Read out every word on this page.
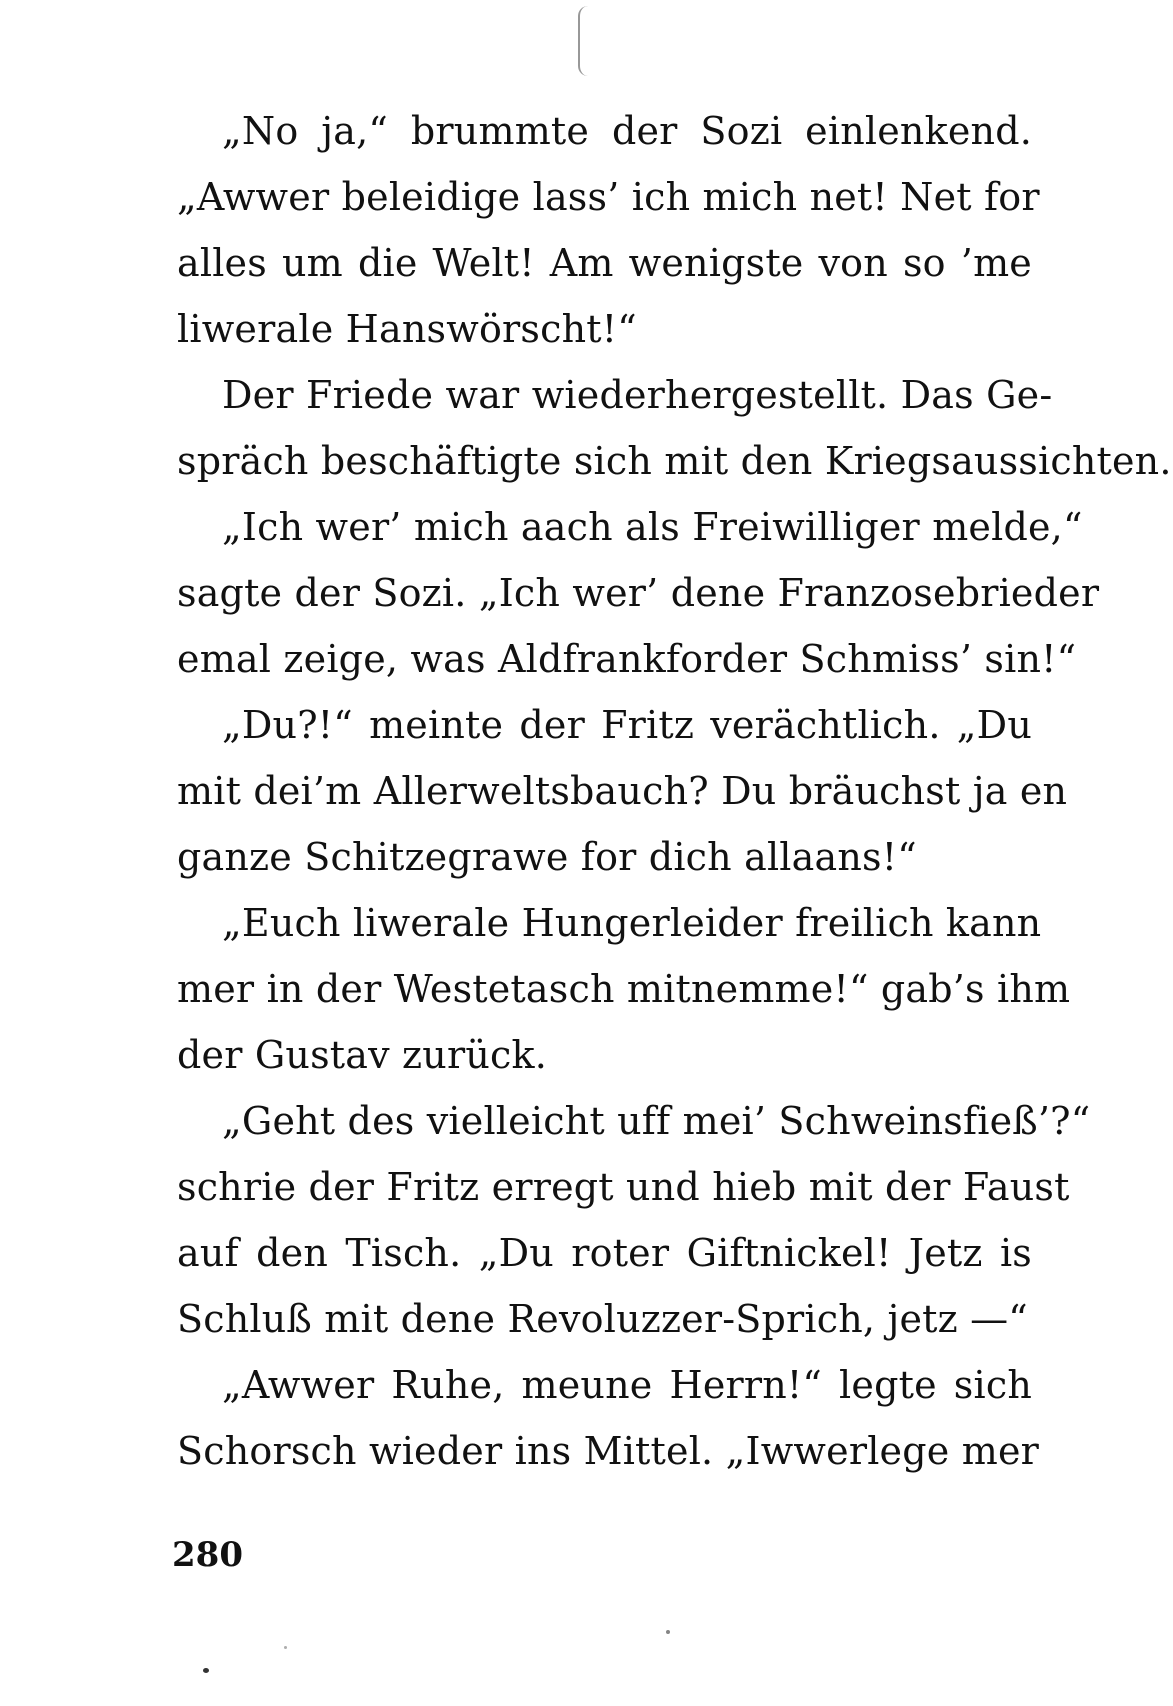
„No ja,“ brummte der Sozi einlenkend.
„Awwer beleidige lass’ ich mich net! Net for
alles um die Welt! Am wenigste von so ’me
liwerale Hanswörscht!“
Der Friede war wiederhergestellt. Das Ge-
spräch beschäftigte sich mit den Kriegsaussichten.
„Ich wer’ mich aach als Freiwilliger melde,“
sagte der Sozi. „Ich wer’ dene Franzosebrieder
emal zeige, was Aldfrankforder Schmiss’ sin!“
„Du?!“ meinte der Fritz verächtlich. „Du
mit dei’m Allerweltsbauch? Du bräuchst ja en
ganze Schitzegrawe for dich allaans!“
„Euch liwerale Hungerleider freilich kann
mer in der Westetasch mitnemme!“ gab’s ihm
der Gustav zurück.
„Geht des vielleicht uff mei’ Schweinsfieß’?“
schrie der Fritz erregt und hieb mit der Faust
auf den Tisch. „Du roter Giftnickel! Jetz is
Schluß mit dene Revoluzzer-Sprich, jetz —“
„Awwer Ruhe, meune Herrn!“ legte sich
Schorsch wieder ins Mittel. „Iwwerlege mer
280
